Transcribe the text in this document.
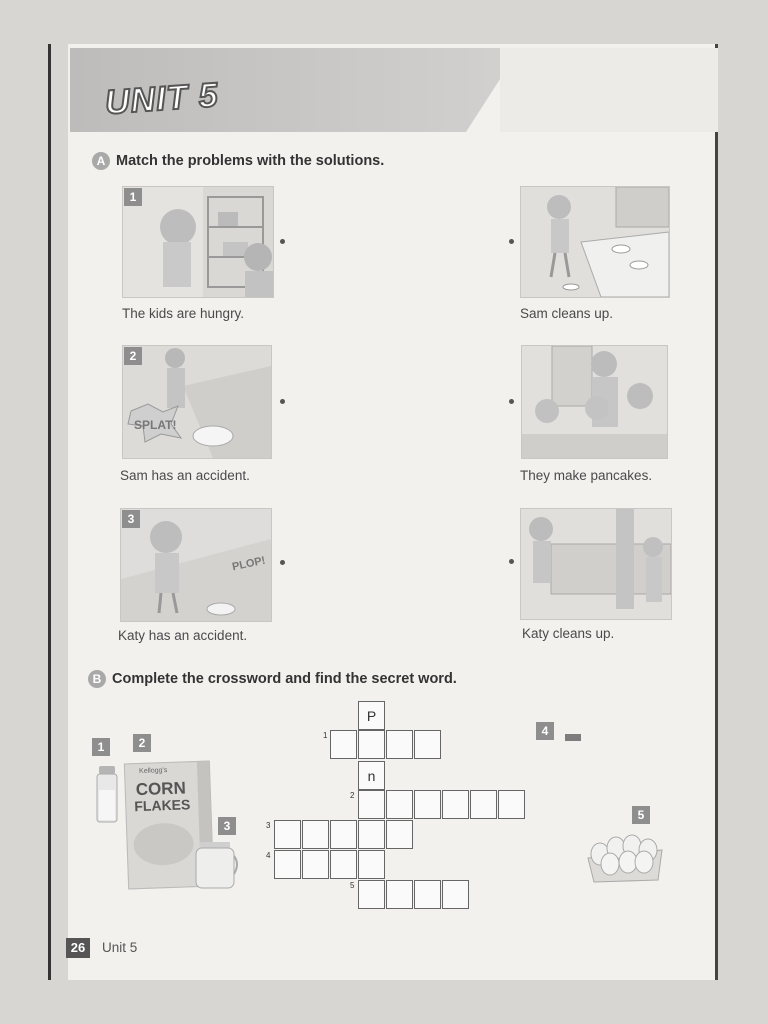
UNIT 5
A Match the problems with the solutions.
1
The kids are hungry.
2
SPLAT!
Sam has an accident.
3
PLOP!
Katy has an accident.
Sam cleans up.
They make pancakes.
Katy cleans up.
B Complete the crossword and find the secret word.
1	2
3
4
5
Kellogg's
CORN
FLAKES
P
1
n
2
3
4
5
26	Unit 5
